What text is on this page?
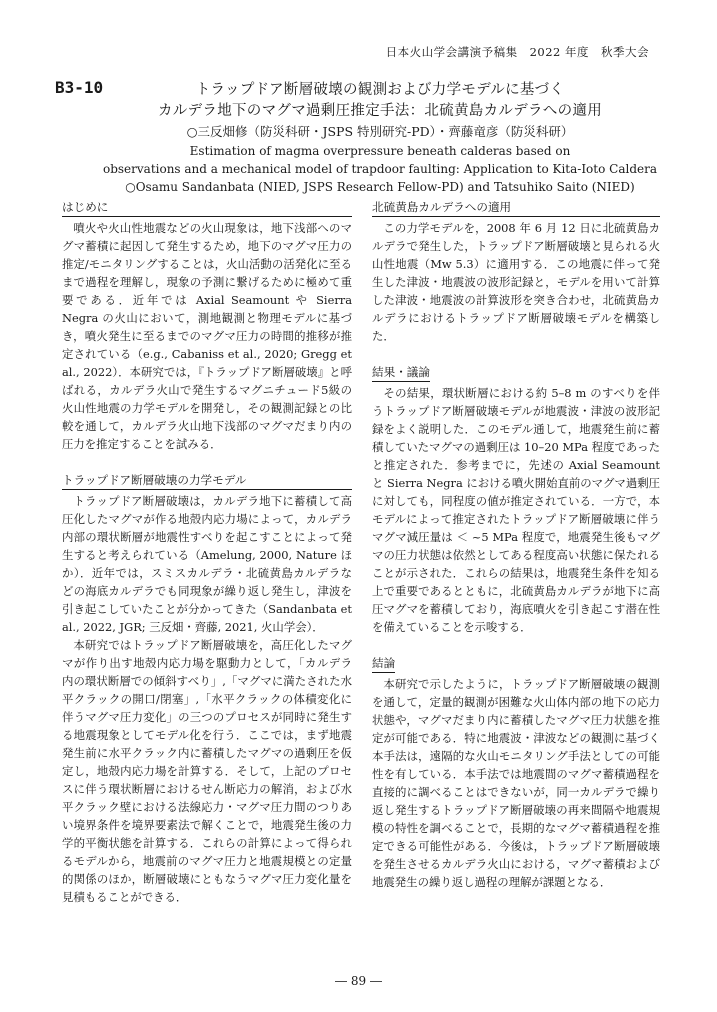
日本火山学会講演予稿集　2022 年度　秋季大会
B3-10	トラップドア断層破壊の観測および力学モデルに基づく
カルデラ地下のマグマ過剰圧推定手法：北硫黄島カルデラへの適用
○三反畑修（防災科研・JSPS 特別研究-PD）・齊藤竜彦（防災科研）
Estimation of magma overpressure beneath calderas based on
observations and a mechanical model of trapdoor faulting: Application to Kita-Ioto Caldera
○Osamu Sandanbata (NIED, JSPS Research Fellow-PD) and Tatsuhiko Saito (NIED)
はじめに

噴火や火山性地震などの火山現象は，地下浅部へのマグマ蓄積に起因して発生するため，地下のマグマ圧力の推定/モニタリングすることは，火山活動の活発化に至るまで過程を理解し，現象の予測に繋げるために極めて重要である．近年では Axial Seamount や Sierra Negra の火山において，測地観測と物理モデルに基づき，噴火発生に至るまでのマグマ圧力の時間的推移が推定されている（e.g., Cabaniss et al., 2020; Gregg et al., 2022）．本研究では，『トラップドア断層破壊』と呼ばれる，カルデラ火山で発生するマグニチュード5級の火山性地震の力学モデルを開発し，その観測記録との比較を通して，カルデラ火山地下浅部のマグマだまり内の圧力を推定することを試みる．

トラップドア断層破壊の力学モデル

トラップドア断層破壊は，カルデラ地下に蓄積して高圧化したマグマが作る地殻内応力場によって，カルデラ内部の環状断層が地震性すべりを起こすことによって発生すると考えられている（Amelung, 2000, Nature ほか）．近年では，スミスカルデラ・北硫黄島カルデラなどの海底カルデラでも同現象が繰り返し発生し，津波を引き起こしていたことが分かってきた（Sandanbata et al., 2022, JGR; 三反畑・齊藤, 2021, 火山学会）．

本研究ではトラップドア断層破壊を，高圧化したマグマが作り出す地殻内応力場を駆動力として，「カルデラ内の環状断層での傾斜すべり」,「マグマに満たされた水平クラックの開口/閉塞」,「水平クラックの体積変化に伴うマグマ圧力変化」の三つのプロセスが同時に発生する地震現象としてモデル化を行う．ここでは，まず地震発生前に水平クラック内に蓄積したマグマの過剰圧を仮定し，地殻内応力場を計算する．そして，上記のプロセスに伴う環状断層におけるせん断応力の解消，および水平クラック壁における法線応力・マグマ圧力間のつりあい境界条件を境界要素法で解くことで，地震発生後の力学的平衡状態を計算する．これらの計算によって得られるモデルから，地震前のマグマ圧力と地震規模との定量的関係のほか，断層破壊にともなうマグマ圧力変化量を見積もることができる．

北硫黄島カルデラへの適用

この力学モデルを，2008 年 6 月 12 日に北硫黄島カルデラで発生した，トラップドア断層破壊と見られる火山性地震（Mw 5.3）に適用する．この地震に伴って発生した津波・地震波の波形記録と，モデルを用いて計算した津波・地震波の計算波形を突き合わせ，北硫黄島カルデラにおけるトラップドア断層破壊モデルを構築した．

結果・議論

その結果，環状断層における約 5–8 m のすべりを伴うトラップドア断層破壊モデルが地震波・津波の波形記録をよく説明した．このモデル通して，地震発生前に蓄積していたマグマの過剰圧は 10–20 MPa 程度であったと推定された．参考までに，先述の Axial Seamount と Sierra Negra における噴火開始直前のマグマ過剰圧に対しても，同程度の値が推定されている．一方で，本モデルによって推定されたトラップドア断層破壊に伴うマグマ減圧量は ＜ ~5 MPa 程度で，地震発生後もマグマの圧力状態は依然としてある程度高い状態に保たれることが示された．これらの結果は，地震発生条件を知る上で重要であるとともに，北硫黄島カルデラが地下に高圧マグマを蓄積しており，海底噴火を引き起こす潜在性を備えていることを示唆する．

結論

本研究で示したように，トラップドア断層破壊の観測を通して，定量的観測が困難な火山体内部の地下の応力状態や，マグマだまり内に蓄積したマグマ圧力状態を推定が可能である．特に地震波・津波などの観測に基づく本手法は，遠隔的な火山モニタリング手法としての可能性を有している．本手法では地震間のマグマ蓄積過程を直接的に調べることはできないが，同一カルデラで繰り返し発生するトラップドア断層破壊の再来間隔や地震規模の特性を調べることで，長期的なマグマ蓄積過程を推定できる可能性がある．今後は，トラップドア断層破壊を発生させるカルデラ火山における，マグマ蓄積および地震発生の繰り返し過程の理解が課題となる．

― 89 ―
